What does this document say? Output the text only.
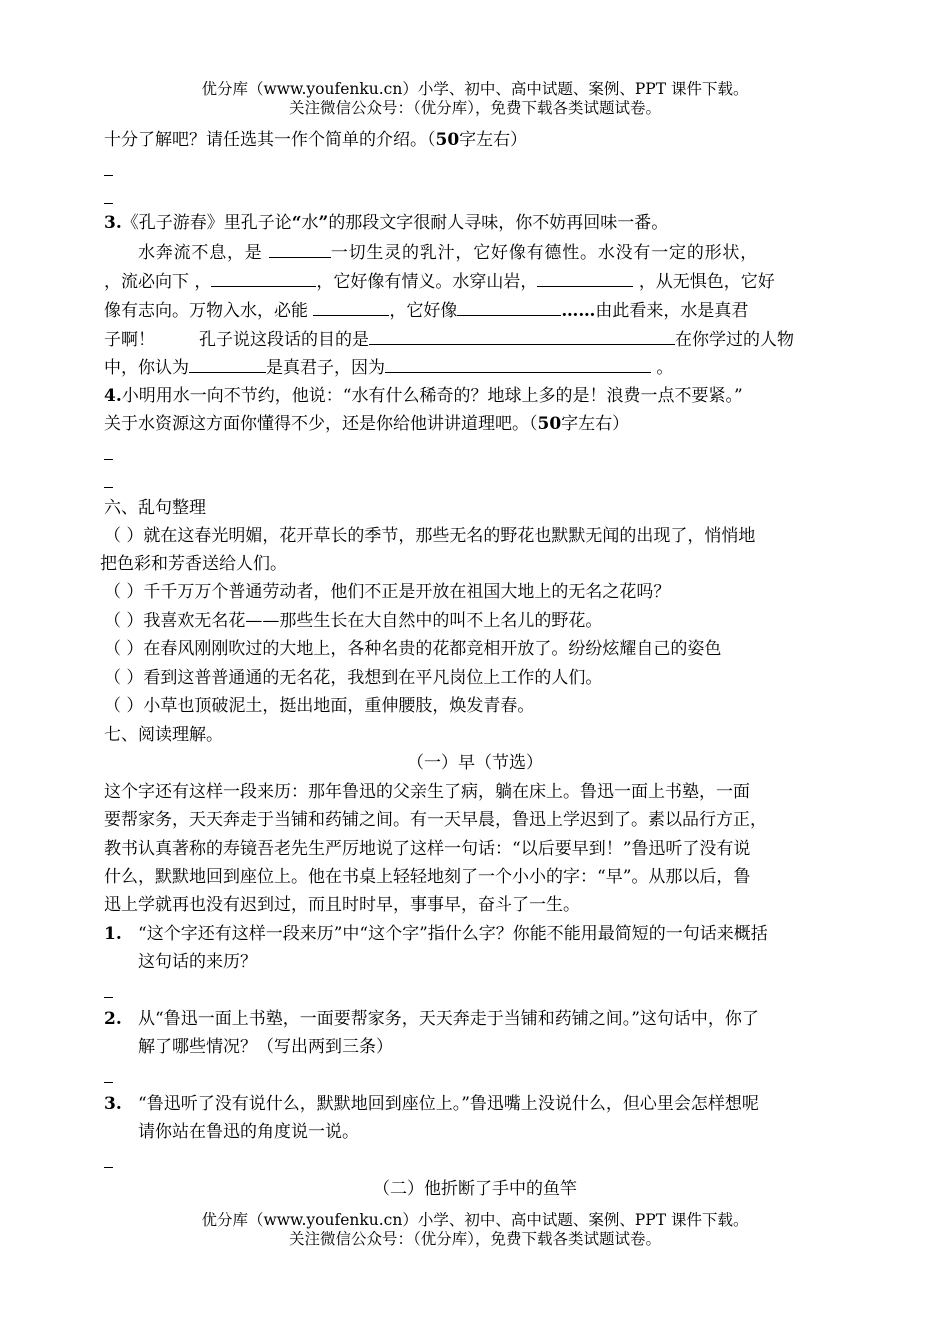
优分库（www.youfenku.cn）小学、初中、高中试题、案例、PPT 课件下载。
关注微信公众号：（优分库），免费下载各类试题试卷。
十分了解吧？请任选其一作个简单的介绍。（50字左右）
3.《孔子游春》里孔子论“水”的那段文字很耐人寻味，你不妨再回味一番。
水奔流不息，是	一切生灵的乳汁，它好像有德性。水没有一定的形状，
，流必向下 ，	，它好像有情义。水穿山岩，	，从无惧色，它好
像有志向。万物入水，必能	，它好像	……由此看来，水是真君
子啊！	孔子说这段话的目的是	在你学过的人物
中，你认为	是真君子，因为	。
4.小明用水一向不节约，他说：“水有什么稀奇的？地球上多的是！浪费一点不要紧。”
关于水资源这方面你懂得不少，还是你给他讲讲道理吧。（50字左右）
六、乱句整理
（ ）就在这春光明媚，花开草长的季节，那些无名的野花也默默无闻的出现了，悄悄地
把色彩和芳香送给人们。
（ ）千千万万个普通劳动者，他们不正是开放在祖国大地上的无名之花吗？
（ ）我喜欢无名花——那些生长在大自然中的叫不上名儿的野花。
（ ）在春风刚刚吹过的大地上，各种名贵的花都竞相开放了。纷纷炫耀自己的姿色
（ ）看到这普普通通的无名花，我想到在平凡岗位上工作的人们。
（ ）小草也顶破泥土，挺出地面，重伸腰肢，焕发青春。
七、阅读理解。
（一）早（节选）
这个字还有这样一段来历：那年鲁迅的父亲生了病，躺在床上。鲁迅一面上书塾，一面
要帮家务，天天奔走于当铺和药铺之间。有一天早晨，鲁迅上学迟到了。素以品行方正，
教书认真著称的寿镜吾老先生严厉地说了这样一句话：“以后要早到！”鲁迅听了没有说
什么，默默地回到座位上。他在书桌上轻轻地刻了一个小小的字：“早”。从那以后，鲁
迅上学就再也没有迟到过，而且时时早，事事早，奋斗了一生。
1. “这个字还有这样一段来历”中“这个字”指什么字？你能不能用最简短的一句话来概括
这句话的来历？
2. 从“鲁迅一面上书塾，一面要帮家务，天天奔走于当铺和药铺之间。”这句话中，你了
解了哪些情况？（写出两到三条）
3. “鲁迅听了没有说什么，默默地回到座位上。”鲁迅嘴上没说什么，但心里会怎样想呢
请你站在鲁迅的角度说一说。
（二）他折断了手中的鱼竿
优分库（www.youfenku.cn）小学、初中、高中试题、案例、PPT 课件下载。
关注微信公众号：（优分库），免费下载各类试题试卷。
